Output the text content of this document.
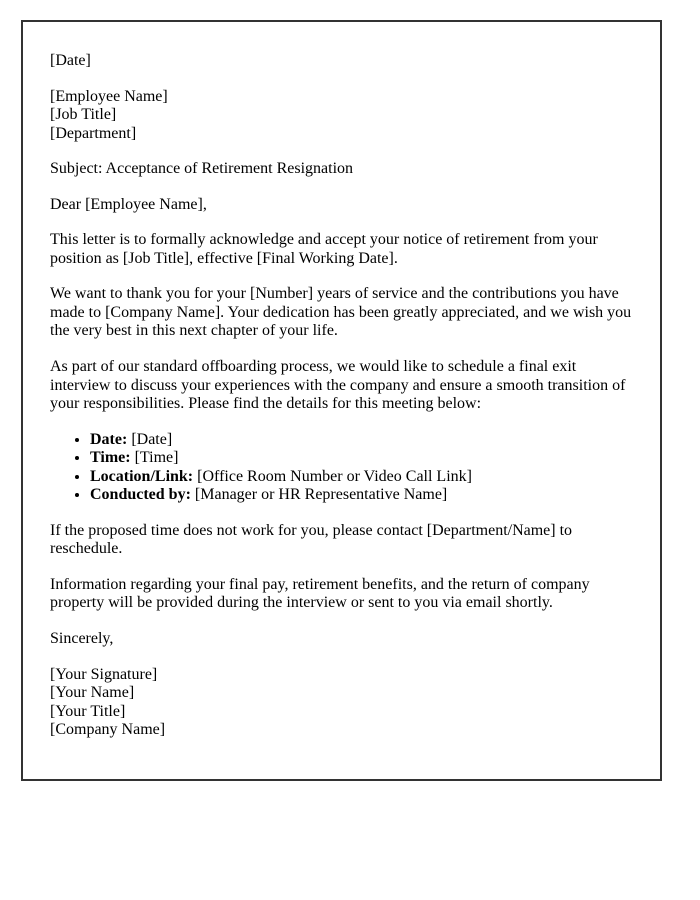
[Date]
[Employee Name]
[Job Title]
[Department]
Subject: Acceptance of Retirement Resignation
Dear [Employee Name],
This letter is to formally acknowledge and accept your notice of retirement from your
position as [Job Title], effective [Final Working Date].
We want to thank you for your [Number] years of service and the contributions you have
made to [Company Name]. Your dedication has been greatly appreciated, and we wish you
the very best in this next chapter of your life.
As part of our standard offboarding process, we would like to schedule a final exit
interview to discuss your experiences with the company and ensure a smooth transition of
your responsibilities. Please find the details for this meeting below:
• Date: [Date]
• Time: [Time]
• Location/Link: [Office Room Number or Video Call Link]
• Conducted by: [Manager or HR Representative Name]
If the proposed time does not work for you, please contact [Department/Name] to
reschedule.
Information regarding your final pay, retirement benefits, and the return of company
property will be provided during the interview or sent to you via email shortly.
Sincerely,
[Your Signature]
[Your Name]
[Your Title]
[Company Name]
